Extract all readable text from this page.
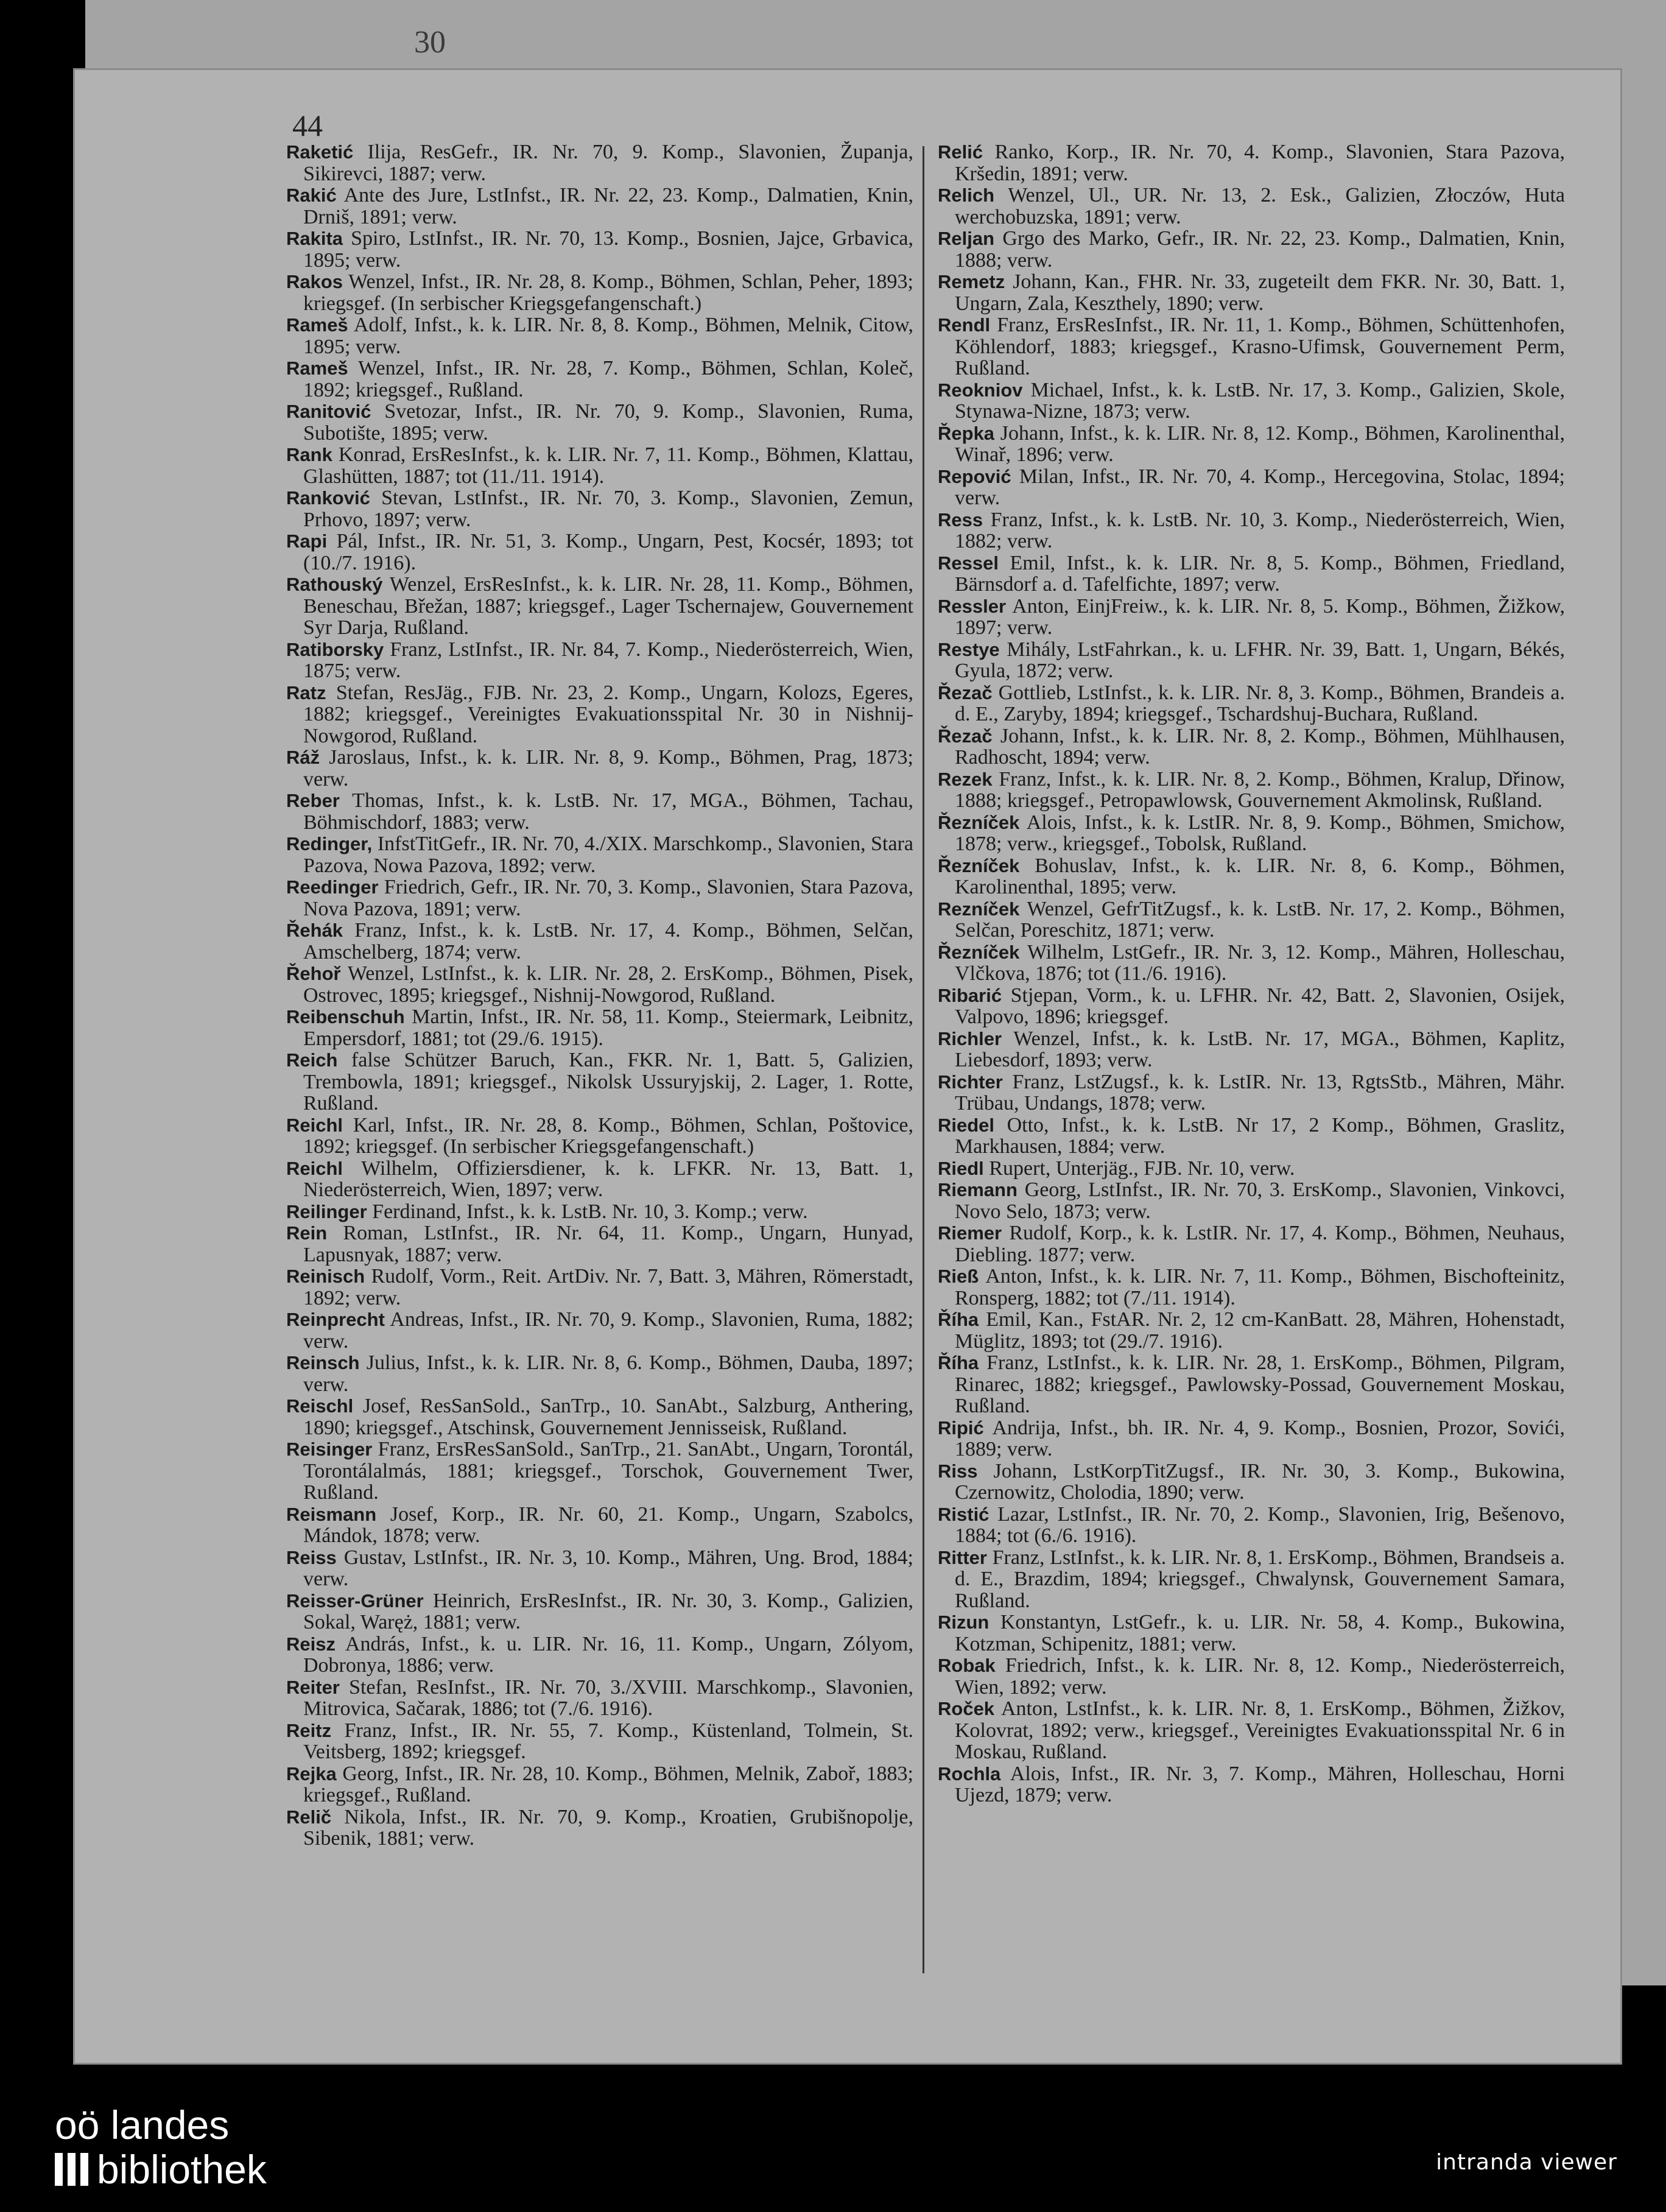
30
44

Raketić Ilija, ResGefr., IR. Nr. 70, 9. Komp., Slavonien, Županja, Sikirevci, 1887; verw.

Rakić Ante des Jure, LstInfst., IR. Nr. 22, 23. Komp., Dalmatien, Knin, Drniš, 1891; verw.

Rakita Spiro, LstInfst., IR. Nr. 70, 13. Komp., Bosnien, Jajce, Grbavica, 1895; verw.

Rakos Wenzel, Infst., IR. Nr. 28, 8. Komp., Böhmen, Schlan, Peher, 1893; kriegsgef. (In serbischer Kriegsgefangenschaft.)

Rameš Adolf, Infst., k. k. LIR. Nr. 8, 8. Komp., Böhmen, Melnik, Citow, 1895; verw.

Rameš Wenzel, Infst., IR. Nr. 28, 7. Komp., Böhmen, Schlan, Koleč, 1892; kriegsgef., Rußland.

Ranitović Svetozar, Infst., IR. Nr. 70, 9. Komp., Slavonien, Ruma, Subotište, 1895; verw.

Rank Konrad, ErsResInfst., k. k. LIR. Nr. 7, 11. Komp., Böhmen, Klattau, Glashütten, 1887; tot (11./11. 1914).

Ranković Stevan, LstInfst., IR. Nr. 70, 3. Komp., Slavonien, Zemun, Prhovo, 1897; verw.

Rapi Pál, Infst., IR. Nr. 51, 3. Komp., Ungarn, Pest, Kocsér, 1893; tot (10./7. 1916).

Rathouský Wenzel, ErsResInfst., k. k. LIR. Nr. 28, 11. Komp., Böhmen, Beneschau, Břežan, 1887; kriegsgef., Lager Tschernajew, Gouvernement Syr Darja, Rußland.

Ratiborsky Franz, LstInfst., IR. Nr. 84, 7. Komp., Niederösterreich, Wien, 1875; verw.

Ratz Stefan, ResJäg., FJB. Nr. 23, 2. Komp., Ungarn, Kolozs, Egeres, 1882; kriegsgef., Vereinigtes Evakuationsspital Nr. 30 in Nishnij-Nowgorod, Rußland.

Ráž Jaroslaus, Infst., k. k. LIR. Nr. 8, 9. Komp., Böhmen, Prag, 1873; verw.

Reber Thomas, Infst., k. k. LstB. Nr. 17, MGA., Böhmen, Tachau, Böhmischdorf, 1883; verw.

Redinger, InfstTitGefr., IR. Nr. 70, 4./XIX. Marschkomp., Slavonien, Stara Pazova, Nowa Pazova, 1892; verw.

Reedinger Friedrich, Gefr., IR. Nr. 70, 3. Komp., Slavonien, Stara Pazova, Nova Pazova, 1891; verw.

Řehák Franz, Infst., k. k. LstB. Nr. 17, 4. Komp., Böhmen, Selčan, Amschelberg, 1874; verw.

Řehoř Wenzel, LstInfst., k. k. LIR. Nr. 28, 2. ErsKomp., Böhmen, Pisek, Ostrovec, 1895; kriegsgef., Nishnij-Nowgorod, Rußland.

Reibenschuh Martin, Infst., IR. Nr. 58, 11. Komp., Steiermark, Leibnitz, Empersdorf, 1881; tot (29./6. 1915).

Reich false Schützer Baruch, Kan., FKR. Nr. 1, Batt. 5, Galizien, Trembowla, 1891; kriegsgef., Nikolsk Ussuryjskij, 2. Lager, 1. Rotte, Rußland.

Reichl Karl, Infst., IR. Nr. 28, 8. Komp., Böhmen, Schlan, Poštovice, 1892; kriegsgef. (In serbischer Kriegsgefangenschaft.)

Reichl Wilhelm, Offiziersdiener, k. k. LFKR. Nr. 13, Batt. 1, Niederösterreich, Wien, 1897; verw.

Reilinger Ferdinand, Infst., k. k. LstB. Nr. 10, 3. Komp.; verw.

Rein Roman, LstInfst., IR. Nr. 64, 11. Komp., Ungarn, Hunyad, Lapusnyak, 1887; verw.

Reinisch Rudolf, Vorm., Reit. ArtDiv. Nr. 7, Batt. 3, Mähren, Römerstadt, 1892; verw.

Reinprecht Andreas, Infst., IR. Nr. 70, 9. Komp., Slavonien, Ruma, 1882; verw.

Reinsch Julius, Infst., k. k. LIR. Nr. 8, 6. Komp., Böhmen, Dauba, 1897; verw.

Reischl Josef, ResSanSold., SanTrp., 10. SanAbt., Salzburg, Anthering, 1890; kriegsgef., Atschinsk, Gouvernement Jennisseisk, Rußland.

Reisinger Franz, ErsResSanSold., SanTrp., 21. SanAbt., Ungarn, Torontál, Torontálalmás, 1881; kriegsgef., Torschok, Gouvernement Twer, Rußland.

Reismann Josef, Korp., IR. Nr. 60, 21. Komp., Ungarn, Szabolcs, Mándok, 1878; verw.

Reiss Gustav, LstInfst., IR. Nr. 3, 10. Komp., Mähren, Ung. Brod, 1884; verw.

Reisser-Grüner Heinrich, ErsResInfst., IR. Nr. 30, 3. Komp., Galizien, Sokal, Waręż, 1881; verw.

Reisz András, Infst., k. u. LIR. Nr. 16, 11. Komp., Ungarn, Zólyom, Dobronya, 1886; verw.

Reiter Stefan, ResInfst., IR. Nr. 70, 3./XVIII. Marschkomp., Slavonien, Mitrovica, Sačarak, 1886; tot (7./6. 1916).

Reitz Franz, Infst., IR. Nr. 55, 7. Komp., Küstenland, Tolmein, St. Veitsberg, 1892; kriegsgef.

Rejka Georg, Infst., IR. Nr. 28, 10. Komp., Böhmen, Melnik, Zaboř, 1883; kriegsgef., Rußland.

Relič Nikola, Infst., IR. Nr. 70, 9. Komp., Kroatien, Grubišnopolje, Sibenik, 1881; verw.

Relić Ranko, Korp., IR. Nr. 70, 4. Komp., Slavonien, Stara Pazova, Kršedin, 1891; verw.

Relich Wenzel, Ul., UR. Nr. 13, 2. Esk., Galizien, Złoczów, Huta werchobuzska, 1891; verw.

Reljan Grgo des Marko, Gefr., IR. Nr. 22, 23. Komp., Dalmatien, Knin, 1888; verw.

Remetz Johann, Kan., FHR. Nr. 33, zugeteilt dem FKR. Nr. 30, Batt. 1, Ungarn, Zala, Keszthely, 1890; verw.

Rendl Franz, ErsResInfst., IR. Nr. 11, 1. Komp., Böhmen, Schüttenhofen, Köhlendorf, 1883; kriegsgef., Krasno-Ufimsk, Gouvernement Perm, Rußland.

Reokniov Michael, Infst., k. k. LstB. Nr. 17, 3. Komp., Galizien, Skole, Stynawa-Nizne, 1873; verw.

Řepka Johann, Infst., k. k. LIR. Nr. 8, 12. Komp., Böhmen, Karolinenthal, Winař, 1896; verw.

Repović Milan, Infst., IR. Nr. 70, 4. Komp., Hercegovina, Stolac, 1894; verw.

Ress Franz, Infst., k. k. LstB. Nr. 10, 3. Komp., Niederösterreich, Wien, 1882; verw.

Ressel Emil, Infst., k. k. LIR. Nr. 8, 5. Komp., Böhmen, Friedland, Bärnsdorf a. d. Tafelfichte, 1897; verw.

Ressler Anton, EinjFreiw., k. k. LIR. Nr. 8, 5. Komp., Böhmen, Žižkow, 1897; verw.

Restye Mihály, LstFahrkan., k. u. LFHR. Nr. 39, Batt. 1, Ungarn, Békés, Gyula, 1872; verw.

Řezač Gottlieb, LstInfst., k. k. LIR. Nr. 8, 3. Komp., Böhmen, Brandeis a. d. E., Zaryby, 1894; kriegsgef., Tschardshuj-Buchara, Rußland.

Řezač Johann, Infst., k. k. LIR. Nr. 8, 2. Komp., Böhmen, Mühlhausen, Radhoscht, 1894; verw.

Rezek Franz, Infst., k. k. LIR. Nr. 8, 2. Komp., Böhmen, Kralup, Dřinow, 1888; kriegsgef., Petropawlowsk, Gouvernement Akmolinsk, Rußland.

Řezníček Alois, Infst., k. k. LstIR. Nr. 8, 9. Komp., Böhmen, Smichow, 1878; verw., kriegsgef., Tobolsk, Rußland.

Řezníček Bohuslav, Infst., k. k. LIR. Nr. 8, 6. Komp., Böhmen, Karolinenthal, 1895; verw.

Rezníček Wenzel, GefrTitZugsf., k. k. LstB. Nr. 17, 2. Komp., Böhmen, Selčan, Poreschitz, 1871; verw.

Řezníček Wilhelm, LstGefr., IR. Nr. 3, 12. Komp., Mähren, Holleschau, Vlčkova, 1876; tot (11./6. 1916).

Ribarić Stjepan, Vorm., k. u. LFHR. Nr. 42, Batt. 2, Slavonien, Osijek, Valpovo, 1896; kriegsgef.

Richler Wenzel, Infst., k. k. LstB. Nr. 17, MGA., Böhmen, Kaplitz, Liebesdorf, 1893; verw.

Richter Franz, LstZugsf., k. k. LstIR. Nr. 13, RgtsStb., Mähren, Mähr. Trübau, Undangs, 1878; verw.

Riedel Otto, Infst., k. k. LstB. Nr 17, 2 Komp., Böhmen, Graslitz, Markhausen, 1884; verw.

Riedl Rupert, Unterjäg., FJB. Nr. 10, verw.

Riemann Georg, LstInfst., IR. Nr. 70, 3. ErsKomp., Slavonien, Vinkovci, Novo Selo, 1873; verw.

Riemer Rudolf, Korp., k. k. LstIR. Nr. 17, 4. Komp., Böhmen, Neuhaus, Diebling. 1877; verw.

Rieß Anton, Infst., k. k. LIR. Nr. 7, 11. Komp., Böhmen, Bischofteinitz, Ronsperg, 1882; tot (7./11. 1914).

Říha Emil, Kan., FstAR. Nr. 2, 12 cm-KanBatt. 28, Mähren, Hohenstadt, Müglitz, 1893; tot (29./7. 1916).

Říha Franz, LstInfst., k. k. LIR. Nr. 28, 1. ErsKomp., Böhmen, Pilgram, Rinarec, 1882; kriegsgef., Pawlowsky-Possad, Gouvernement Moskau, Rußland.

Ripić Andrija, Infst., bh. IR. Nr. 4, 9. Komp., Bosnien, Prozor, Sovići, 1889; verw.

Riss Johann, LstKorpTitZugsf., IR. Nr. 30, 3. Komp., Bukowina, Czernowitz, Cholodia, 1890; verw.

Ristić Lazar, LstInfst., IR. Nr. 70, 2. Komp., Slavonien, Irig, Bešenovo, 1884; tot (6./6. 1916).

Ritter Franz, LstInfst., k. k. LIR. Nr. 8, 1. ErsKomp., Böhmen, Brandseis a. d. E., Brazdim, 1894; kriegsgef., Chwalynsk, Gouvernement Samara, Rußland.

Rizun Konstantyn, LstGefr., k. u. LIR. Nr. 58, 4. Komp., Bukowina, Kotzman, Schipenitz, 1881; verw.

Robak Friedrich, Infst., k. k. LIR. Nr. 8, 12. Komp., Niederösterreich, Wien, 1892; verw.

Roček Anton, LstInfst., k. k. LIR. Nr. 8, 1. ErsKomp., Böhmen, Žižkov, Kolovrat, 1892; verw., kriegsgef., Vereinigtes Evakuationsspital Nr. 6 in Moskau, Rußland.

Rochla Alois, Infst., IR. Nr. 3, 7. Komp., Mähren, Holleschau, Horni Ujezd, 1879; verw.

oö landes
bibliothek	intranda viewer
